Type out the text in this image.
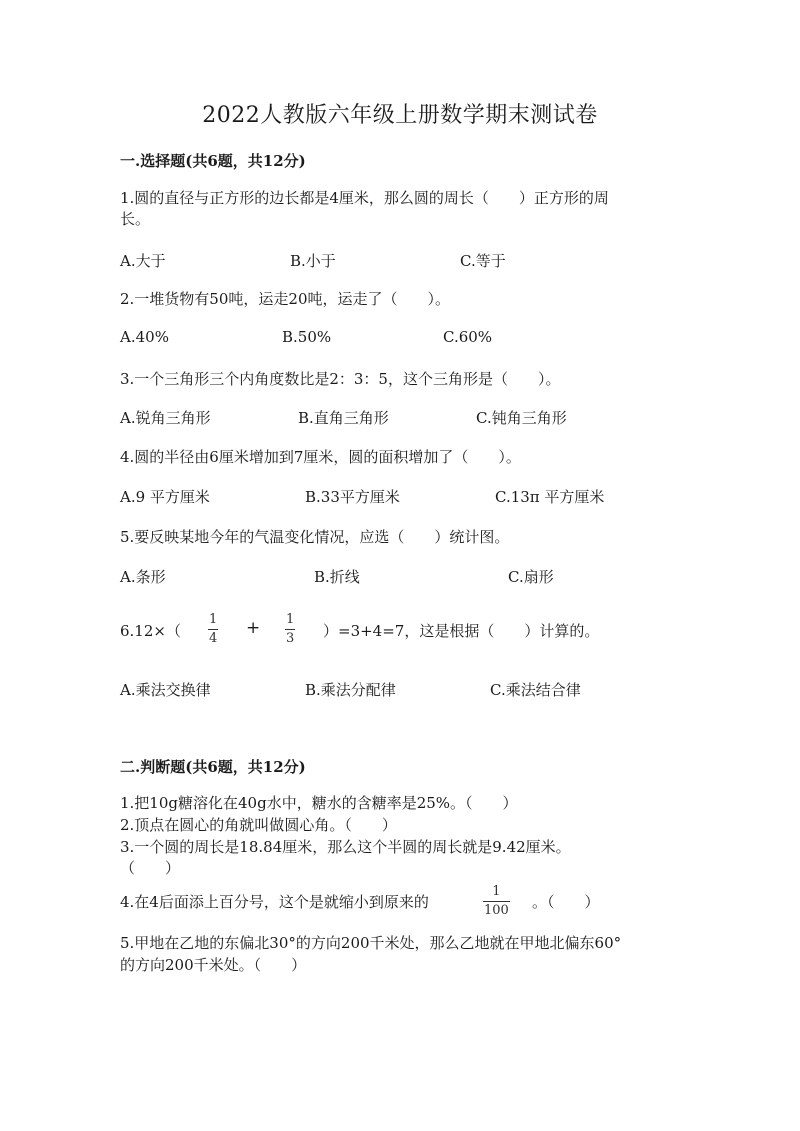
2022人教版六年级上册数学期末测试卷
一.选择题(共6题，共12分)
1.圆的直径与正方形的边长都是4厘米，那么圆的周长（　　）正方形的周
长。
A.大于	B.小于	C.等于
2.一堆货物有50吨，运走20吨，运走了（　　）。
A.40%	B.50%	C.60%
3.一个三角形三个内角度数比是2：3：5，这个三角形是（　　）。
A.锐角三角形	B.直角三角形	C.钝角三角形
4.圆的半径由6厘米增加到7厘米，圆的面积增加了（　　）。
A.9 平方厘米	B.33平方厘米	C.13π 平方厘米
5.要反映某地今年的气温变化情况，应选（　　）统计图。
A.条形	B.折线	C.扇形
6.12×（
1
4
+ 1
3 ）=3+4=7，这是根据（　　）计算的。
A.乘法交换律	B.乘法分配律	C.乘法结合律
二.判断题(共6题，共12分)
1.把10g糖溶化在40g水中，糖水的含糖率是25%。（　　）
2.顶点在圆心的角就叫做圆心角。（　　）
3.一个圆的周长是18.84厘米，那么这个半圆的周长就是9.42厘米。
（　　）
4.在4后面添上百分号，这个是就缩小到原来的
1
100 。（　　）
5.甲地在乙地的东偏北30°的方向200千米处，那么乙地就在甲地北偏东60°
的方向200千米处。（　　）
